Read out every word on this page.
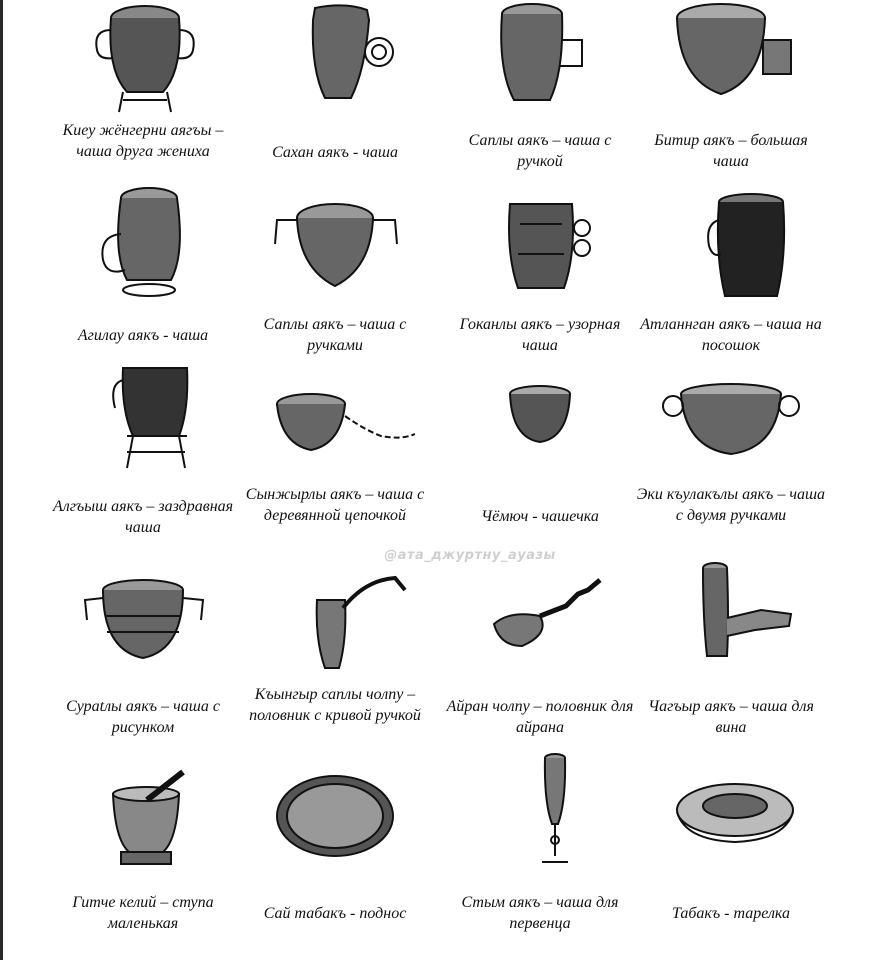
Киеу жёнгерни аягъы – чаша друга жениха	Сахан аякъ - чаша
Саплы аякъ – чаша с ручкой
Битир аякъ – большая чаша
Агилау аякъ - чаша
Саплы аякъ – чаша с ручками
Гоканлы аякъ – узорная чаша
Атланнган аякъ – чаша на посошок
Алгъыш аякъ – заздравная чаша
Сынжырлы аякъ – чаша с деревянной цепочкой	Чёмюч - чашечка
Эки къулакълы аякъ – чаша с двумя ручками
Сураtлы аякъ – чаша с рисунком
Къынгыр саплы чолпу – половник с кривой ручкой
Айран чолпу – половник для айрана
Чагъыр аякъ – чаша для вина
Гитче келий – ступа маленькая
Сай табакъ - поднос
Стым аякъ – чаша для первенца
Табакъ - тарелка
@ата_джуртну_ауазы
